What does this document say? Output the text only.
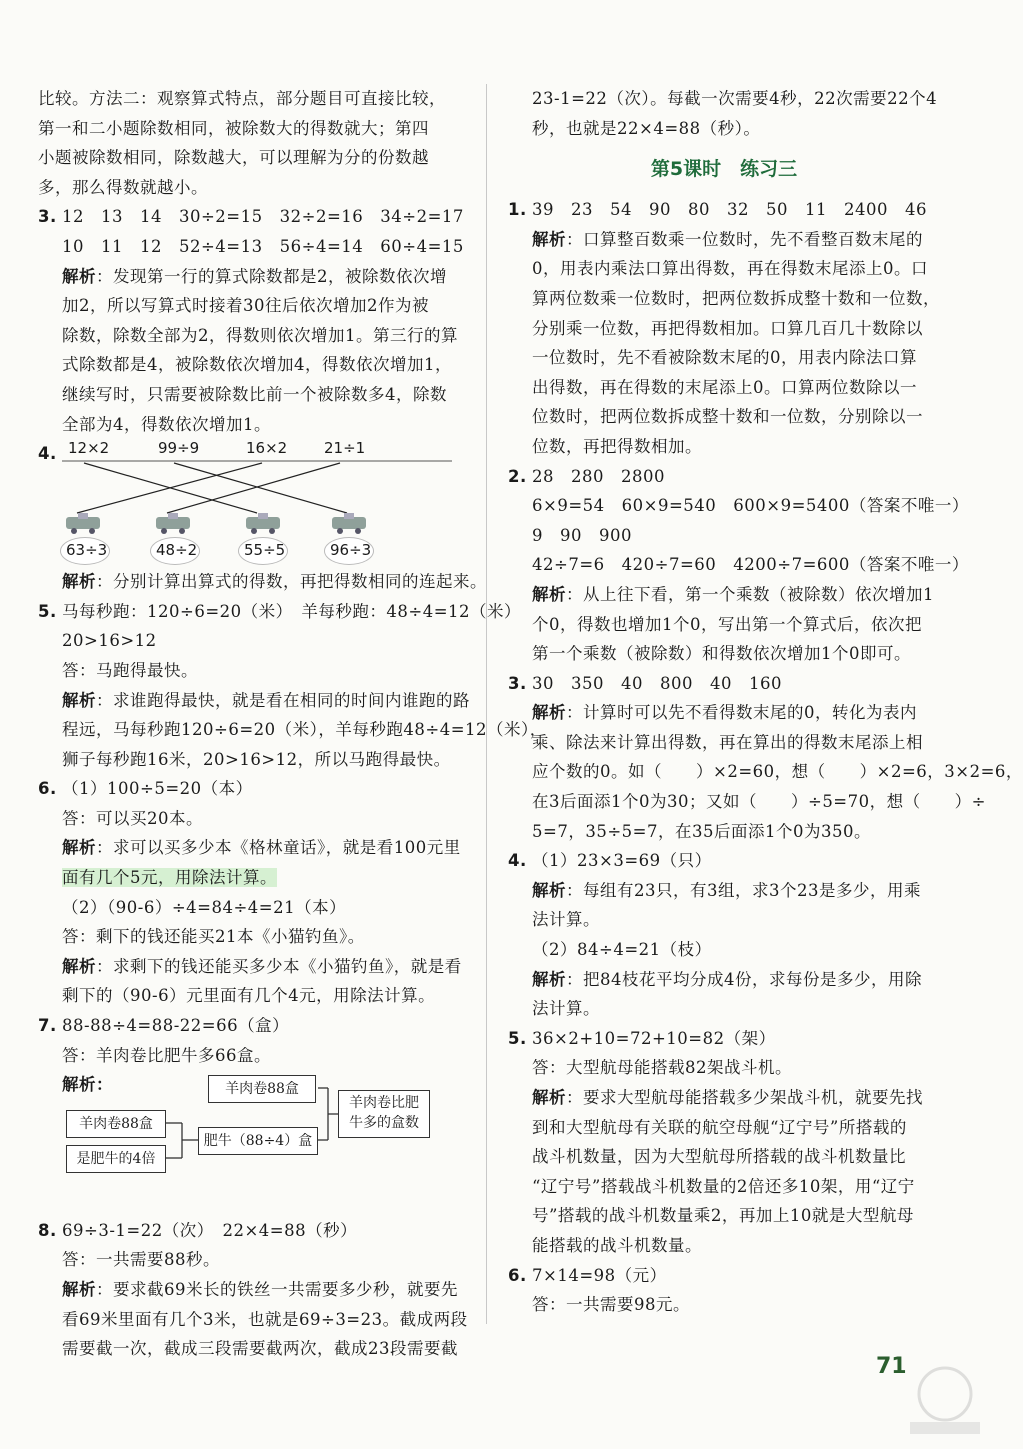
比较。方法二：观察算式特点，部分题目可直接比较，
第一和二小题除数相同，被除数大的得数就大；第四
小题被除数相同，除数越大，可以理解为分的份数越
多，那么得数就越小。
3. 12　13　14　30÷2=15　32÷2=16　34÷2=17
10　11　12　52÷4=13　56÷4=14　60÷4=15
解析：发现第一行的算式除数都是2，被除数依次增
加2，所以写算式时接着30往后依次增加2作为被
除数，除数全部为2，得数则依次增加1。第三行的算
式除数都是4，被除数依次增加4，得数依次增加1，
继续写时，只需要被除数比前一个被除数多4，除数
全部为4，得数依次增加1。
4. 12×2	99÷9	16×2 21÷1
63÷3	48÷2	55÷5	96÷3
解析：分别计算出算式的得数，再把得数相同的连起来。
5. 马每秒跑：120÷6=20（米）　羊每秒跑：48÷4=12（米）
20>16>12
答：马跑得最快。
解析：求谁跑得最快，就是看在相同的时间内谁跑的路
程远，马每秒跑120÷6=20（米），羊每秒跑48÷4=12（米），
狮子每秒跑16米，20>16>12，所以马跑得最快。
6. （1）100÷5=20（本）
答：可以买20本。
解析：求可以买多少本《格林童话》，就是看100元里
面有几个5元，用除法计算。
（2）（90-6）÷4=84÷4=21（本）
答：剩下的钱还能买21本《小猫钓鱼》。
解析：求剩下的钱还能买多少本《小猫钓鱼》，就是看
剩下的（90-6）元里面有几个4元，用除法计算。
7. 88-88÷4=88-22=66（盒）
答：羊肉卷比肥牛多66盒。
解析：	羊肉卷88盒
羊肉卷88盒
是肥牛的4倍
肥牛（88÷4）盒
羊肉卷比肥
牛多的盒数
8. 69÷3-1=22（次）　22×4=88（秒）
答：一共需要88秒。
解析：要求截69米长的铁丝一共需要多少秒，就要先
看69米里面有几个3米，也就是69÷3=23。截成两段
需要截一次，截成三段需要截两次，截成23段需要截
23-1=22（次）。每截一次需要4秒，22次需要22个4
秒，也就是22×4=88（秒）。
第5课时　练习三
1. 39　23　54　90　80　32　50　11　2400　46
解析：口算整百数乘一位数时，先不看整百数末尾的
0，用表内乘法口算出得数，再在得数末尾添上0。口
算两位数乘一位数时，把两位数拆成整十数和一位数，
分别乘一位数，再把得数相加。口算几百几十数除以
一位数时，先不看被除数末尾的0，用表内除法口算
出得数，再在得数的末尾添上0。口算两位数除以一
位数时，把两位数拆成整十数和一位数，分别除以一
位数，再把得数相加。
2. 28　280　2800
6×9=54　60×9=540　600×9=5400（答案不唯一）
9　90　900
42÷7=6　420÷7=60　4200÷7=600（答案不唯一）
解析：从上往下看，第一个乘数（被除数）依次增加1
个0，得数也增加1个0，写出第一个算式后，依次把
第一个乘数（被除数）和得数依次增加1个0即可。
3. 30　350　40　800　40　160
解析：计算时可以先不看得数末尾的0，转化为表内
乘、除法来计算出得数，再在算出的得数末尾添上相
应个数的0。如（　　）×2=60，想（　　）×2=6，3×2=6，
在3后面添1个0为30；又如（　　）÷5=70，想（　　）÷
5=7，35÷5=7，在35后面添1个0为350。
4. （1）23×3=69（只）
解析：每组有23只，有3组，求3个23是多少，用乘
法计算。
（2）84÷4=21（枝）
解析：把84枝花平均分成4份，求每份是多少，用除
法计算。
5. 36×2+10=72+10=82（架）
答：大型航母能搭载82架战斗机。
解析：要求大型航母能搭载多少架战斗机，就要先找
到和大型航母有关联的航空母舰“辽宁号”所搭载的
战斗机数量，因为大型航母所搭载的战斗机数量比
“辽宁号”搭载战斗机数量的2倍还多10架，用“辽宁
号”搭载的战斗机数量乘2，再加上10就是大型航母
能搭载的战斗机数量。
6. 7×14=98（元）
答：一共需要98元。
71
